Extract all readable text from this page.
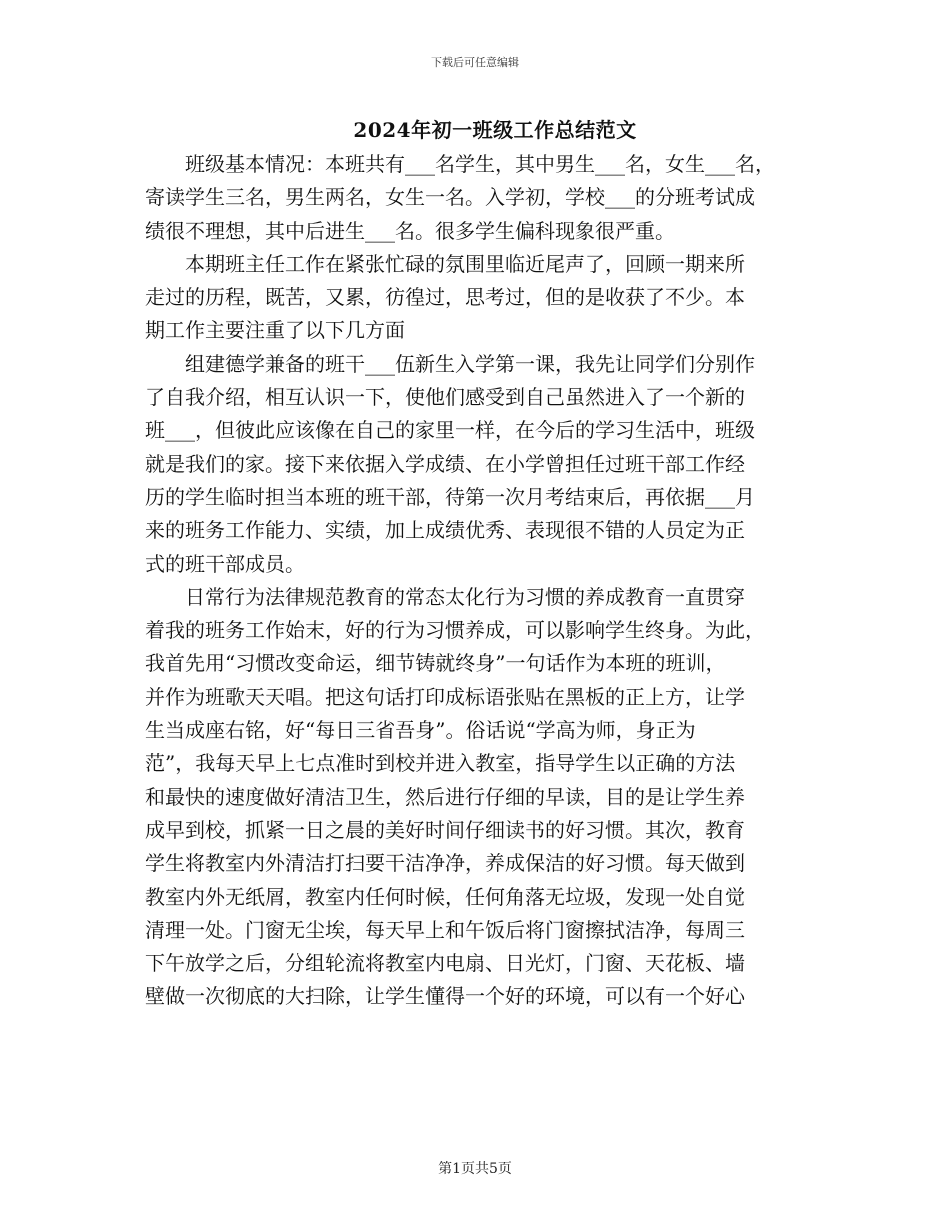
下载后可任意编辑
2024年初一班级工作总结范文
班级基本情况：本班共有___名学生，其中男生___名，女生___名，
寄读学生三名，男生两名，女生一名。入学初，学校___的分班考试成
绩很不理想，其中后进生___名。很多学生偏科现象很严重。
本期班主任工作在紧张忙碌的氛围里临近尾声了，回顾一期来所
走过的历程，既苦，又累，彷徨过，思考过，但的是收获了不少。本
期工作主要注重了以下几方面
组建德学兼备的班干___伍新生入学第一课，我先让同学们分别作
了自我介绍，相互认识一下，使他们感受到自己虽然进入了一个新的
班___，但彼此应该像在自己的家里一样，在今后的学习生活中，班级
就是我们的家。接下来依据入学成绩、在小学曾担任过班干部工作经
历的学生临时担当本班的班干部，待第一次月考结束后，再依据___月
来的班务工作能力、实绩，加上成绩优秀、表现很不错的人员定为正
式的班干部成员。
日常行为法律规范教育的常态太化行为习惯的养成教育一直贯穿
着我的班务工作始末，好的行为习惯养成，可以影响学生终身。为此，
我首先用“习惯改变命运，细节铸就终身”一句话作为本班的班训，
并作为班歌天天唱。把这句话打印成标语张贴在黑板的正上方，让学
生当成座右铭，好“每日三省吾身”。俗话说“学高为师，身正为
范”，我每天早上七点准时到校并进入教室，指导学生以正确的方法
和最快的速度做好清洁卫生，然后进行仔细的早读，目的是让学生养
成早到校，抓紧一日之晨的美好时间仔细读书的好习惯。其次，教育
学生将教室内外清洁打扫要干洁净净，养成保洁的好习惯。每天做到
教室内外无纸屑，教室内任何时候，任何角落无垃圾，发现一处自觉
清理一处。门窗无尘埃，每天早上和午饭后将门窗擦拭洁净，每周三
下午放学之后，分组轮流将教室内电扇、日光灯，门窗、天花板、墙
壁做一次彻底的大扫除，让学生懂得一个好的环境，可以有一个好心
第1页共5页
